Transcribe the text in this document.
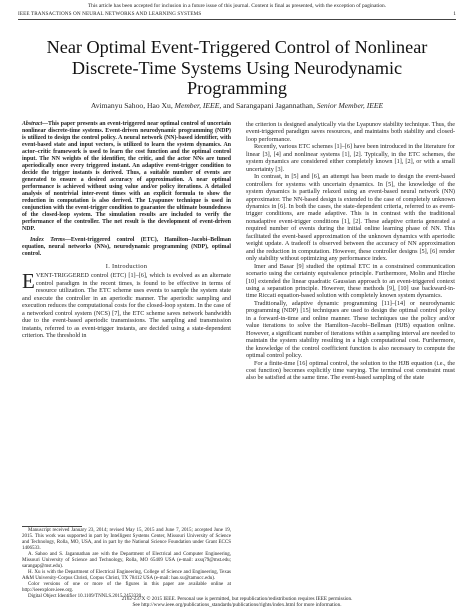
This article has been accepted for inclusion in a future issue of this journal. Content is final as presented, with the exception of pagination.
IEEE TRANSACTIONS ON NEURAL NETWORKS AND LEARNING SYSTEMS	1
Near Optimal Event-Triggered Control of Nonlinear Discrete-Time Systems Using Neurodynamic Programming
Avimanyu Sahoo, Hao Xu, Member, IEEE, and Sarangapani Jagannathan, Senior Member, IEEE

Abstract—This paper presents an event-triggered near optimal control of uncertain nonlinear discrete-time systems. Event-driven neurodynamic programming (NDP) is utilized to design the control policy. A neural network (NN)-based identifier, with event-based state and input vectors, is utilized to learn the system dynamics. An actor–critic framework is used to learn the cost function and the optimal control input. The NN weights of the identifier, the critic, and the actor NNs are tuned aperiodically once every triggered instant. An adaptive event-trigger condition to decide the trigger instants is derived. Thus, a suitable number of events are generated to ensure a desired accuracy of approximation. A near optimal performance is achieved without using value and/or policy iterations. A detailed analysis of nontrivial inter-event times with an explicit formula to show the reduction in computation is also derived. The Lyapunov technique is used in conjunction with the event-trigger condition to guarantee the ultimate boundedness of the closed-loop system. The simulation results are included to verify the performance of the controller. The net result is the development of event-driven NDP.

Index Terms—Event-triggered control (ETC), Hamilton–Jacobi–Bellman equation, neural networks (NNs), neurodynamic programming (NDP), optimal control.

I. Introduction

EVENT-TRIGGERED control (ETC) [1]–[6], which is evolved as an alternate control paradigm in the recent times, is found to be effective in terms of resource utilization. The ETC scheme uses events to sample the system state and execute the controller in an aperiodic manner. The aperiodic sampling and execution reduces the computational costs for the closed-loop system. In the case of a networked control system (NCS) [7], the ETC scheme saves network bandwidth due to the event-based aperiodic transmissions. The sampling and transmission instants, referred to as event-trigger instants, are decided using a state-dependent criterion. The threshold in

Manuscript received January 23, 2014; revised May 15, 2015 and June 7, 2015; accepted June 19, 2015. This work was supported in part by Intelligent Systems Center, Missouri University of Science and Technology, Rolla, MO, USA, and in part by the National Science Foundation under Grant ECCS 1406533.

A. Sahoo and S. Jagannathan are with the Department of Electrical and Computer Engineering, Missouri University of Science and Technology, Rolla, MO 65409 USA (e-mail: axsq79@mst.edu; sarangap@mst.edu).

H. Xu is with the Department of Electrical Engineering, College of Science and Engineering, Texas A&M University-Corpus Christi, Corpus Christi, TX 78412 USA (e-mail: hao.xu@tamucc.edu).

Color versions of one or more of the figures in this paper are available online at http://ieeexplore.ieee.org.

Digital Object Identifier 10.1109/TNNLS.2015.2453320

the criterion is designed analytically via the Lyapunov stability technique. Thus, the event-triggered paradigm saves resources, and maintains both stability and closed-loop performance.

Recently, various ETC schemes [1]–[6] have been introduced in the literature for linear [3], [4] and nonlinear systems [1], [2]. Typically, in the ETC schemes, the system dynamics are considered either completely known [1], [2], or with a small uncertainty [3].

In contrast, in [5] and [6], an attempt has been made to design the event-based controllers for systems with uncertain dynamics. In [5], the knowledge of the system dynamics is partially relaxed using an event-based neural network (NN) approximator. The NN-based design is extended to the case of completely unknown dynamics in [6]. In both the cases, the state-dependent criteria, referred to as event-trigger conditions, are made adaptive. This is in contrast with the traditional nonadaptive event-trigger conditions [1], [2]. These adaptive criteria generated a required number of events during the initial online learning phase of NN. This facilitated the event-based approximation of the unknown dynamics with aperiodic weight update. A tradeoff is observed between the accuracy of NN approximation and the reduction in computation. However, these controller designs [5], [6] render only stability without optimizing any performance index.

Imer and Basar [9] studied the optimal ETC in a constrained communication scenario using the certainty equivalence principle. Furthermore, Molin and Hirche [10] extended the linear quadratic Gaussian approach to an event-triggered context using a separation principle. However, these methods [9], [10] use backward-in-time Riccati equation-based solution with completely known system dynamics.

Traditionally, adaptive dynamic programming [11]–[14] or neurodynamic programming (NDP) [15] techniques are used to design the optimal control policy in a forward-in-time and online manner. These techniques use the policy and/or value iterations to solve the Hamilton–Jacobi–Bellman (HJB) equation online. However, a significant number of iterations within a sampling interval are needed to maintain the system stability resulting in a high computational cost. Furthermore, the knowledge of the control coefficient function is also necessary to compute the optimal control policy.

For a finite-time [16] optimal control, the solution to the HJB equation (i.e., the cost function) becomes explicitly time varying. The terminal cost constraint must also be satisfied at the same time. The event-based sampling of the state

2162-237X © 2015 IEEE. Personal use is permitted, but republication/redistribution requires IEEE permission.
See http://www.ieee.org/publications_standards/publications/rights/index.html for more information.
